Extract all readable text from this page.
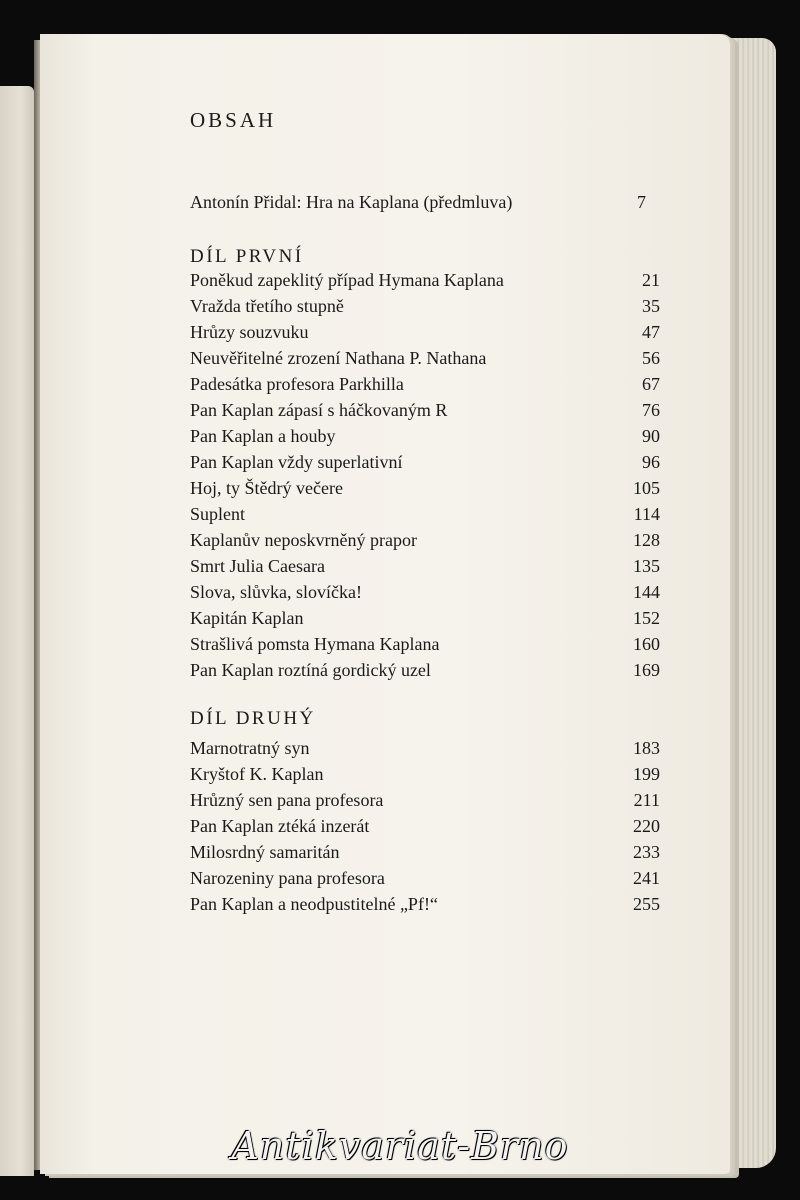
OBSAH
Antonín Přidal: Hra na Kaplana (předmluva)	7
DÍL PRVNÍ
Poněkud zapeklitý případ Hymana Kaplana	21
Vražda třetího stupně	35
Hrůzy souzvuku	47
Neuvěřitelné zrození Nathana P. Nathana	56
Padesátka profesora Parkhilla	67
Pan Kaplan zápasí s háčkovaným R	76
Pan Kaplan a houby	90
Pan Kaplan vždy superlativní	96
Hoj, ty Štědrý večere	105
Suplent	114
Kaplanův neposkvrněný prapor	128
Smrt Julia Caesara	135
Slova, slůvka, slovíčka!	144
Kapitán Kaplan	152
Strašlivá pomsta Hymana Kaplana	160
Pan Kaplan roztíná gordický uzel	169
DÍL DRUHÝ
Marnotratný syn	183
Kryštof K. Kaplan	199
Hrůzný sen pana profesora	211
Pan Kaplan ztéká inzerát	220
Milosrdný samaritán	233
Narozeniny pana profesora	241
Pan Kaplan a neodpustitelné „Pf!“	255
Antikvariat-Brno
